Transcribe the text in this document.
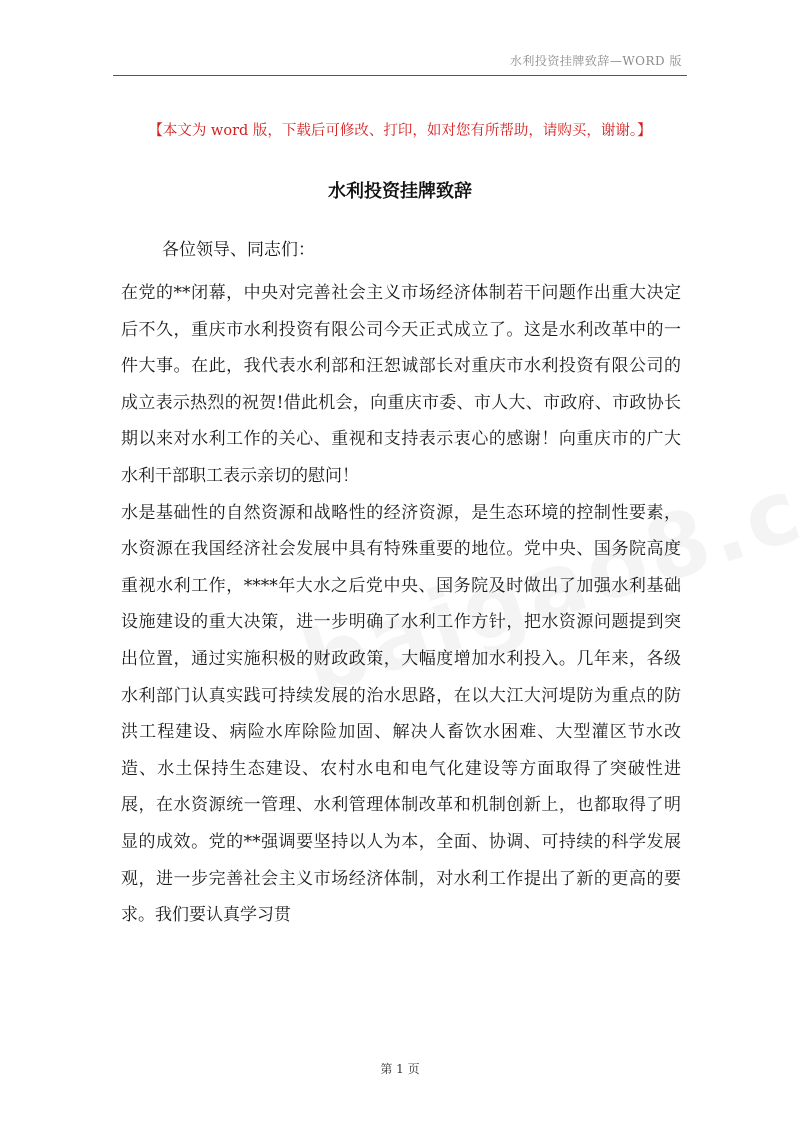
水利投资挂牌致辞—WORD 版
【本文为 word 版，下载后可修改、打印，如对您有所帮助，请购买，谢谢。】
水利投资挂牌致辞
各位领导、同志们：

在党的**闭幕，中央对完善社会主义市场经济体制若干问题作出重大决定后不久，重庆市水利投资有限公司今天正式成立了。这是水利改革中的一件大事。在此，我代表水利部和汪恕诚部长对重庆市水利投资有限公司的成立表示热烈的祝贺!借此机会，向重庆市委、市人大、市政府、市政协长期以来对水利工作的关心、重视和支持表示衷心的感谢！向重庆市的广大水利干部职工表示亲切的慰问！

水是基础性的自然资源和战略性的经济资源，是生态环境的控制性要素，水资源在我国经济社会发展中具有特殊重要的地位。党中央、国务院高度重视水利工作，****年大水之后党中央、国务院及时做出了加强水利基础设施建设的重大决策，进一步明确了水利工作方针，把水资源问题提到突出位置，通过实施积极的财政政策，大幅度增加水利投入。几年来，各级水利部门认真实践可持续发展的治水思路，在以大江大河堤防为重点的防洪工程建设、病险水库除险加固、解决人畜饮水困难、大型灌区节水改造、水土保持生态建设、农村水电和电气化建设等方面取得了突破性进展，在水资源统一管理、水利管理体制改革和机制创新上，也都取得了明显的成效。党的**强调要坚持以人为本，全面、协调、可持续的科学发展观，进一步完善社会主义市场经济体制，对水利工作提出了新的更高的要求。我们要认真学习贯

第 1 页
